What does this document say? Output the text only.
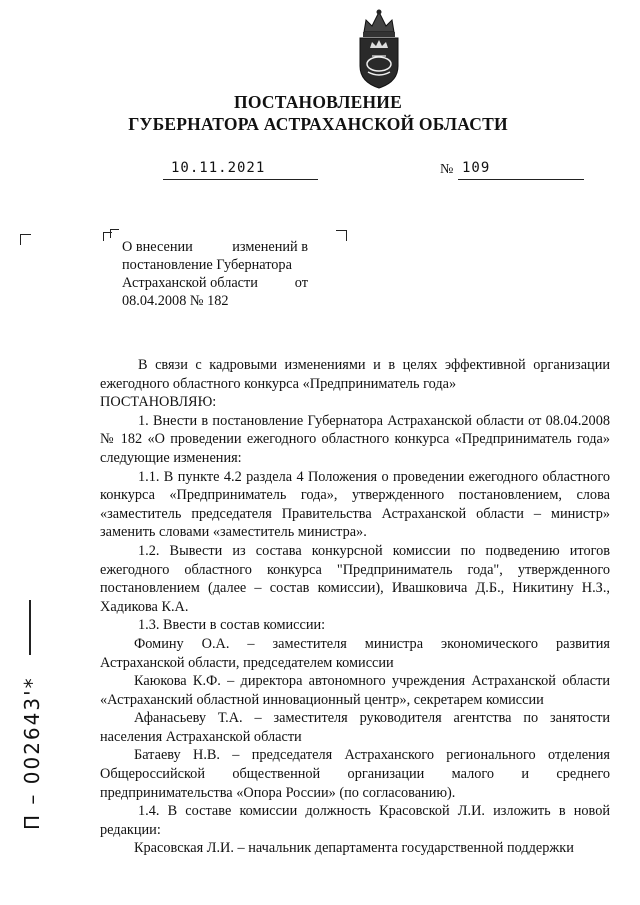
ПОСТАНОВЛЕНИЕ
ГУБЕРНАТОРА АСТРАХАНСКОЙ ОБЛАСТИ
10.11.2021	№ 109
О внесении	изменений в
постановление Губернатора
Астраханской области	от
08.04.2008 № 182

В связи с кадровыми изменениями и в целях эффективной организации ежегодного областного конкурса «Предприниматель года»

ПОСТАНОВЛЯЮ:

1. Внести в постановление Губернатора Астраханской области от 08.04.2008 № 182 «О проведении ежегодного областного конкурса «Предприниматель года» следующие изменения:

1.1. В пункте 4.2 раздела 4 Положения о проведении ежегодного областного конкурса «Предприниматель года», утвержденного постановлением, слова «заместитель председателя Правительства Астраханской области – министр» заменить словами «заместитель министра».

1.2. Вывести из состава конкурсной комиссии по подведению итогов ежегодного областного конкурса "Предприниматель года", утвержденного постановлением (далее – состав комиссии), Ивашковича Д.Б., Никитину Н.З., Хадикова К.А.

1.3. Ввести в состав комиссии:

Фомину О.А. – заместителя министра экономического развития Астраханской области, председателем комиссии

Каюкова К.Ф. – директора автономного учреждения Астраханской области «Астраханский областной инновационный центр», секретарем комиссии

Афанасьеву Т.А. – заместителя руководителя агентства по занятости населения Астраханской области

Батаеву Н.В. – председателя Астраханского регионального отделения Общероссийской общественной организации малого и среднего предпринимательства «Опора России» (по согласованию).

1.4. В составе комиссии должность Красовской Л.И. изложить в новой редакции:

Красовская Л.И. – начальник департамента государственной поддержки

П – 002643'*
